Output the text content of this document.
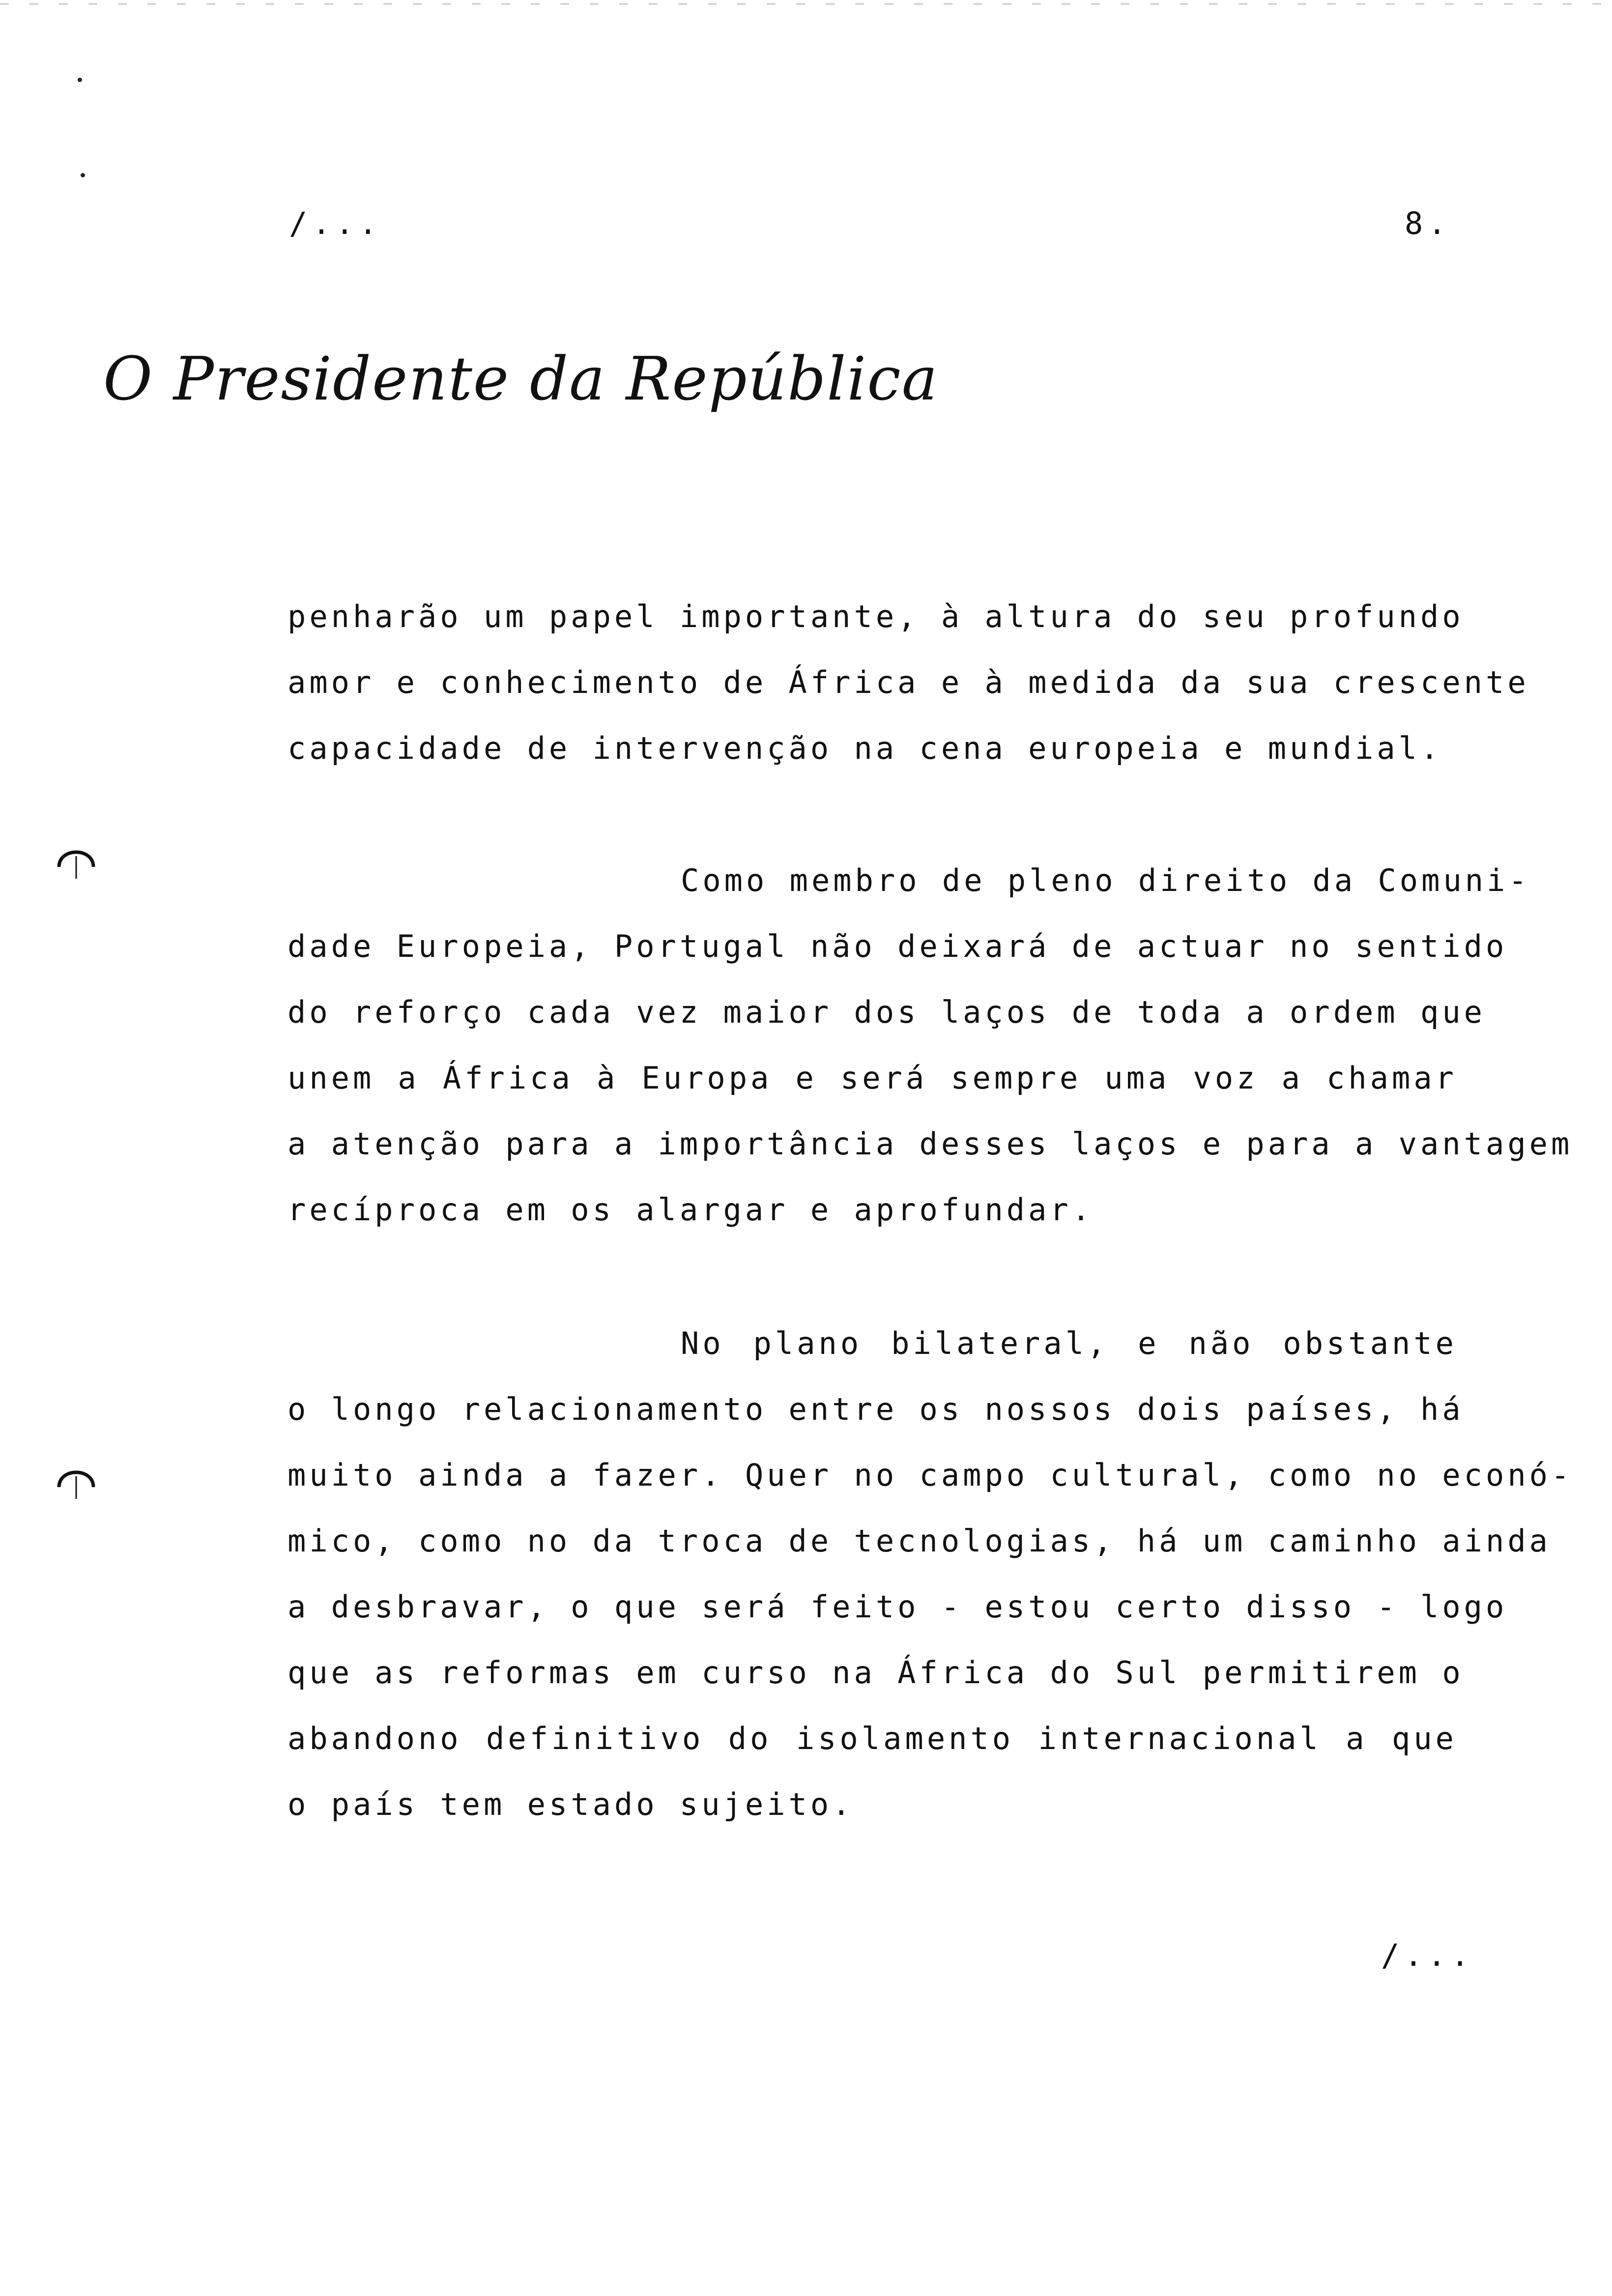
/...	8.
O Presidente da República
penharão um papel importante, à altura do seu profundo
amor e conhecimento de África e à medida da sua crescente
capacidade de intervenção na cena europeia e mundial.
Como membro de pleno direito da Comuni-
dade Europeia, Portugal não deixará de actuar no sentido
do reforço cada vez maior dos laços de toda a ordem que
unem a África à Europa e será sempre uma voz a chamar
a atenção para a importância desses laços e para a vantagem
recíproca em os alargar e aprofundar.
No plano bilateral, e não obstante
o longo relacionamento entre os nossos dois países, há
muito ainda a fazer. Quer no campo cultural, como no econó-
mico, como no da troca de tecnologias, há um caminho ainda
a desbravar, o que será feito - estou certo disso - logo
que as reformas em curso na África do Sul permitirem o
abandono definitivo do isolamento internacional a que
o país tem estado sujeito.
/...
